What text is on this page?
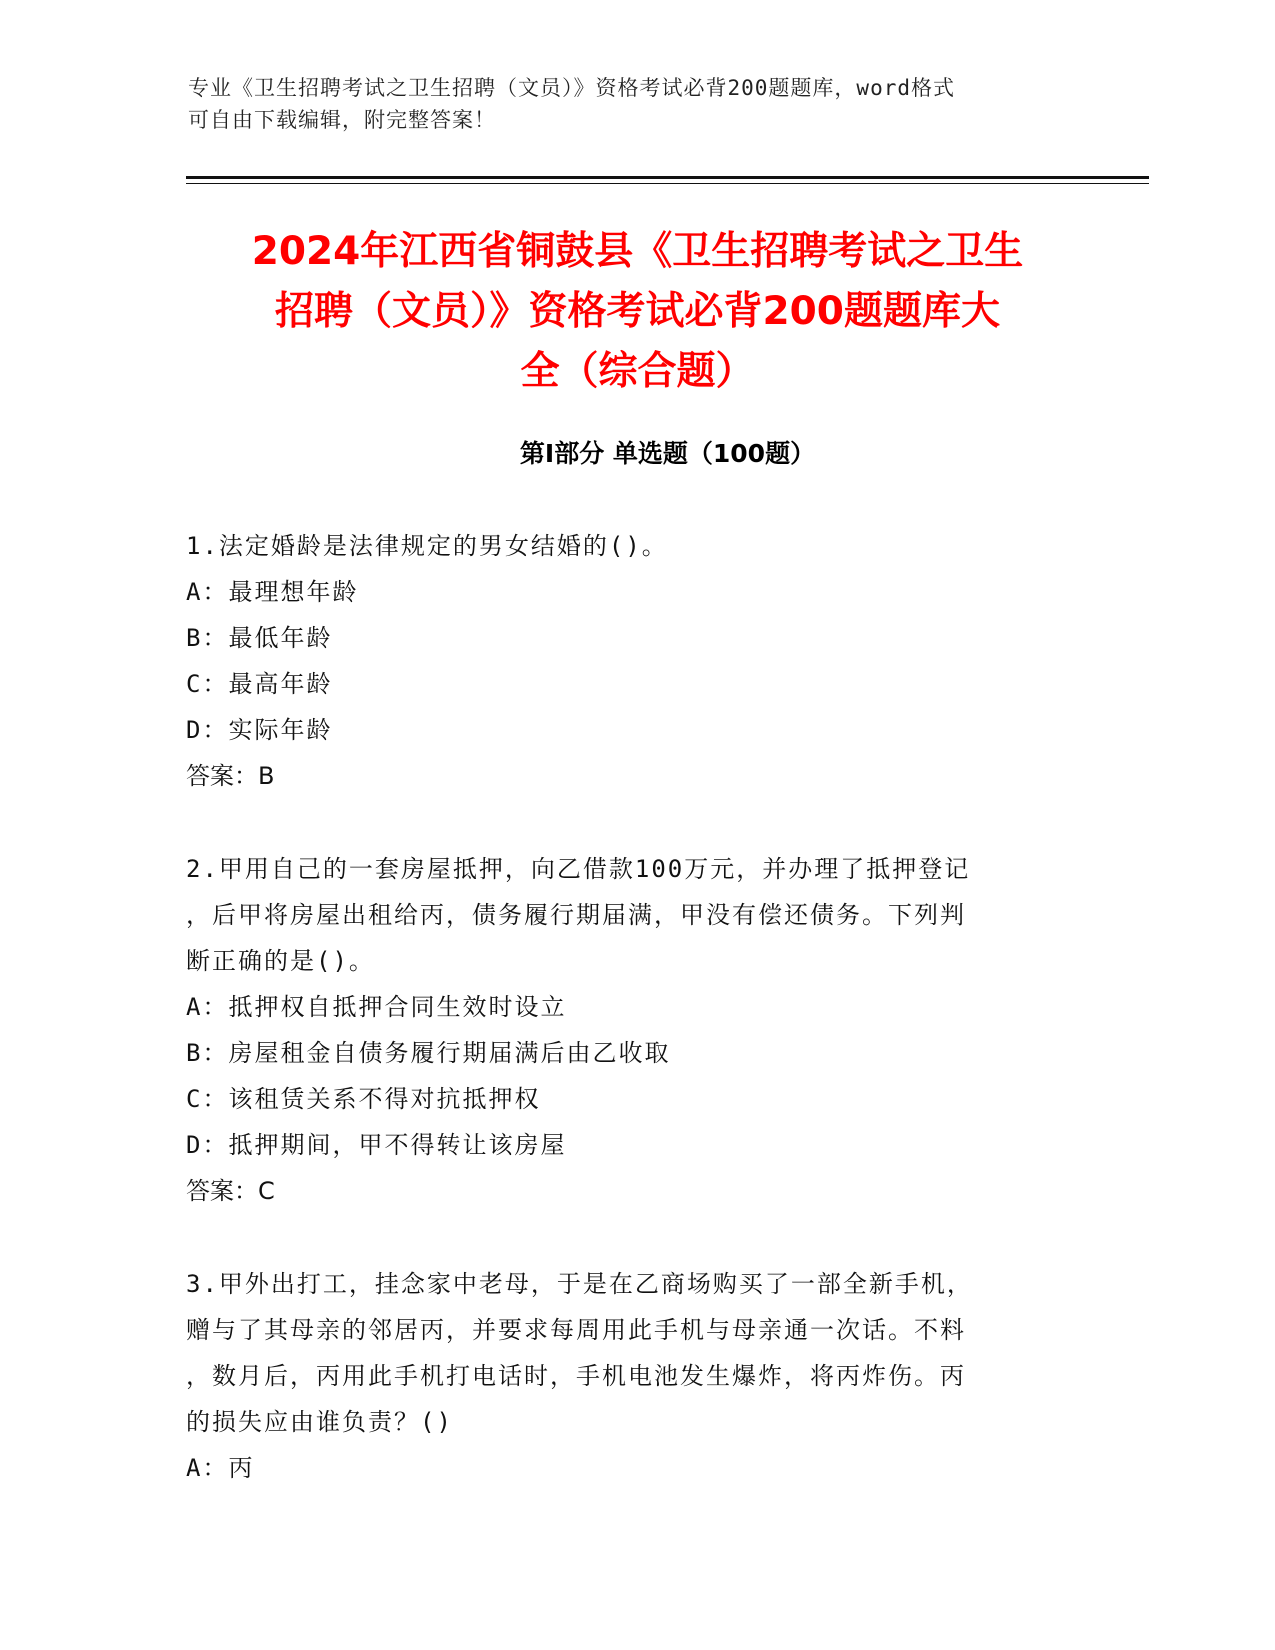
专业《卫生招聘考试之卫生招聘（文员）》资格考试必背200题题库，word格式
可自由下载编辑，附完整答案！
2024年江西省铜鼓县《卫生招聘考试之卫生
招聘（文员）》资格考试必背200题题库大
全（综合题）
第Ⅰ部分 单选题（100题）
1.法定婚龄是法律规定的男女结婚的()。
A：最理想年龄
B：最低年龄
C：最高年龄
D：实际年龄
答案：B
2.甲用自己的一套房屋抵押，向乙借款100万元，并办理了抵押登记
，后甲将房屋出租给丙，债务履行期届满，甲没有偿还债务。下列判
断正确的是()。
A：抵押权自抵押合同生效时设立
B：房屋租金自债务履行期届满后由乙收取
C：该租赁关系不得对抗抵押权
D：抵押期间，甲不得转让该房屋
答案：C
3.甲外出打工，挂念家中老母，于是在乙商场购买了一部全新手机，
赠与了其母亲的邻居丙，并要求每周用此手机与母亲通一次话。不料
，数月后，丙用此手机打电话时，手机电池发生爆炸，将丙炸伤。丙
的损失应由谁负责？()
A：丙
